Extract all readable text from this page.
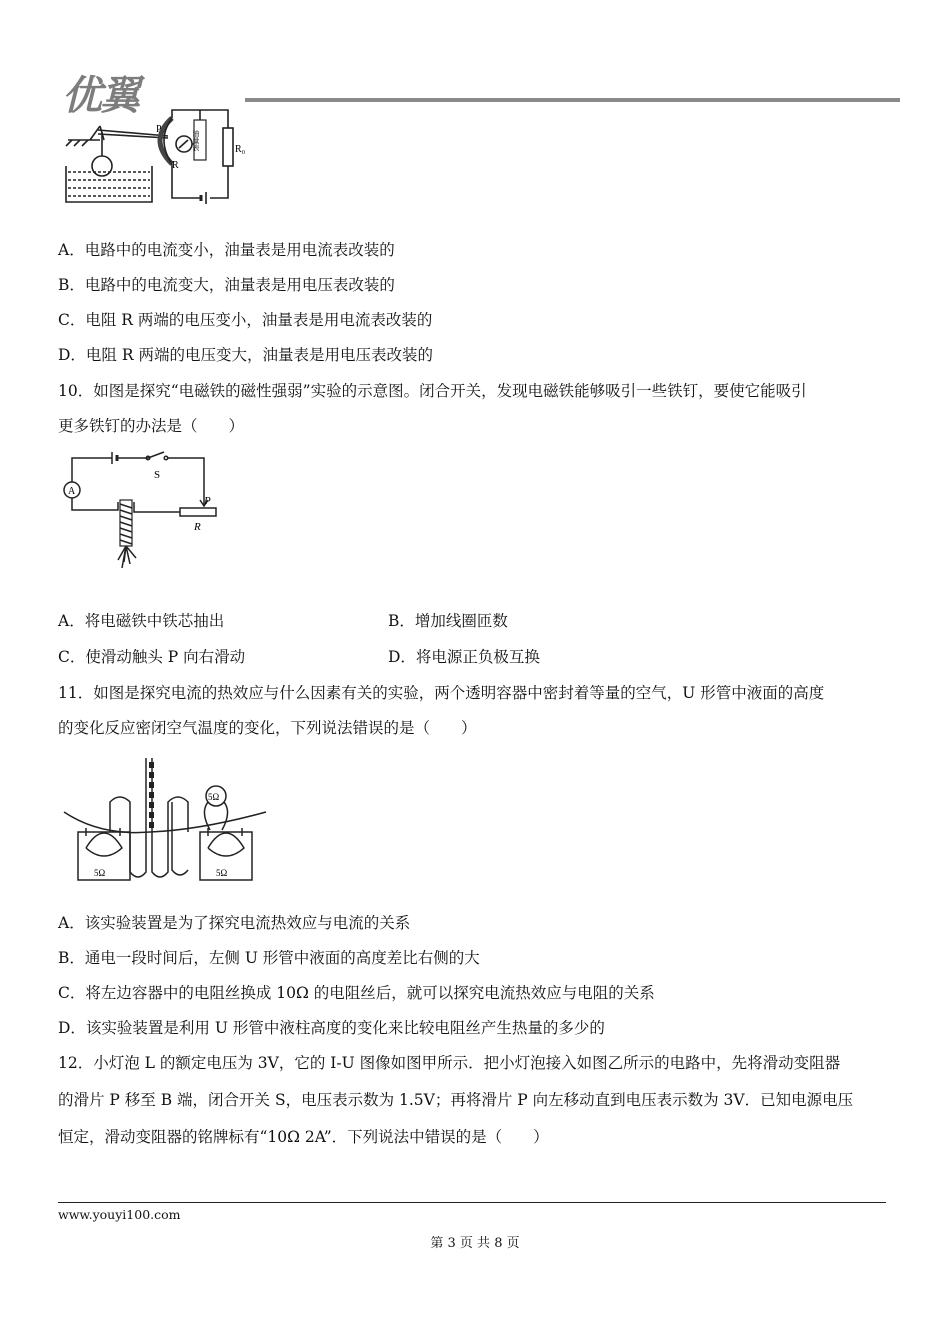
优翼
P
R
R₀
油量表
A．电路中的电流变小，油量表是用电流表改装的
B．电路中的电流变大，油量表是用电压表改装的
C．电阻 R 两端的电压变小，油量表是用电流表改装的
D．电阻 R 两端的电压变大，油量表是用电压表改装的
10．如图是探究“电磁铁的磁性强弱”实验的示意图。闭合开关，发现电磁铁能够吸引一些铁钉，要使它能吸引
更多铁钉的办法是（　　）
A
S
P
R
A．将电磁铁中铁芯抽出	B．增加线圈匝数
C．使滑动触头 P 向右滑动	D．将电源正负极互换
11．如图是探究电流的热效应与什么因素有关的实验，两个透明容器中密封着等量的空气，U 形管中液面的高度
的变化反应密闭空气温度的变化，下列说法错误的是（　　）
5Ω
5Ω	5Ω
A．该实验装置是为了探究电流热效应与电流的关系
B．通电一段时间后，左侧 U 形管中液面的高度差比右侧的大
C．将左边容器中的电阻丝换成 10Ω 的电阻丝后，就可以探究电流热效应与电阻的关系
D．该实验装置是利用 U 形管中液柱高度的变化来比较电阻丝产生热量的多少的
12．小灯泡 L 的额定电压为 3V，它的 I-U 图像如图甲所示．把小灯泡接入如图乙所示的电路中，先将滑动变阻器
的滑片 P 移至 B 端，闭合开关 S，电压表示数为 1.5V；再将滑片 P 向左移动直到电压表示数为 3V．已知电源电压
恒定，滑动变阻器的铭牌标有“10Ω 2A”．下列说法中错误的是（　　）
www.youyi100.com
第 3 页 共 8 页
